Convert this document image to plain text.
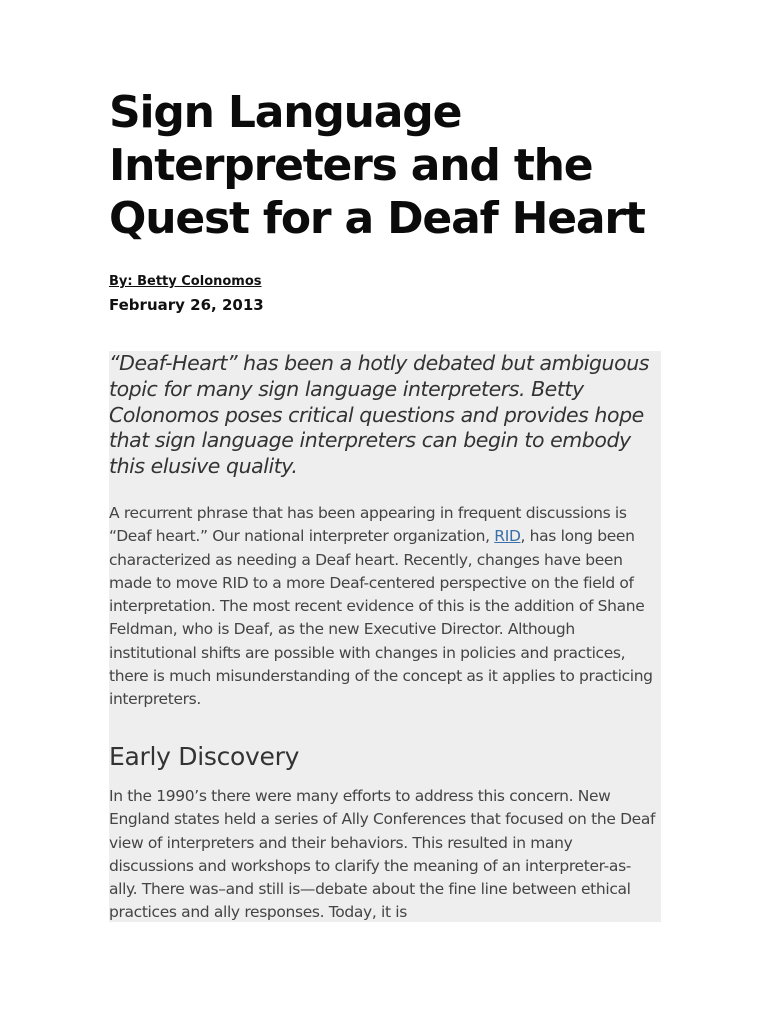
Sign Language Interpreters and the Quest for a Deaf Heart
By: Betty Colonomos
February 26, 2013

“Deaf-Heart” has been a hotly debated but ambiguous topic for many sign language interpreters. Betty Colonomos poses critical questions and provides hope that sign language interpreters can begin to embody this elusive quality.

A recurrent phrase that has been appearing in frequent discussions is “Deaf heart.” Our national interpreter organization, RID, has long been characterized as needing a Deaf heart. Recently, changes have been made to move RID to a more Deaf-centered perspective on the field of interpretation. The most recent evidence of this is the addition of Shane Feldman, who is Deaf, as the new Executive Director. Although institutional shifts are possible with changes in policies and practices, there is much misunderstanding of the concept as it applies to practicing interpreters.

Early Discovery

In the 1990’s there were many efforts to address this concern. New England states held a series of Ally Conferences that focused on the Deaf view of interpreters and their behaviors. This resulted in many discussions and workshops to clarify the meaning of an interpreter-as-ally. There was–and still is—debate about the fine line between ethical practices and ally responses. Today, it is
